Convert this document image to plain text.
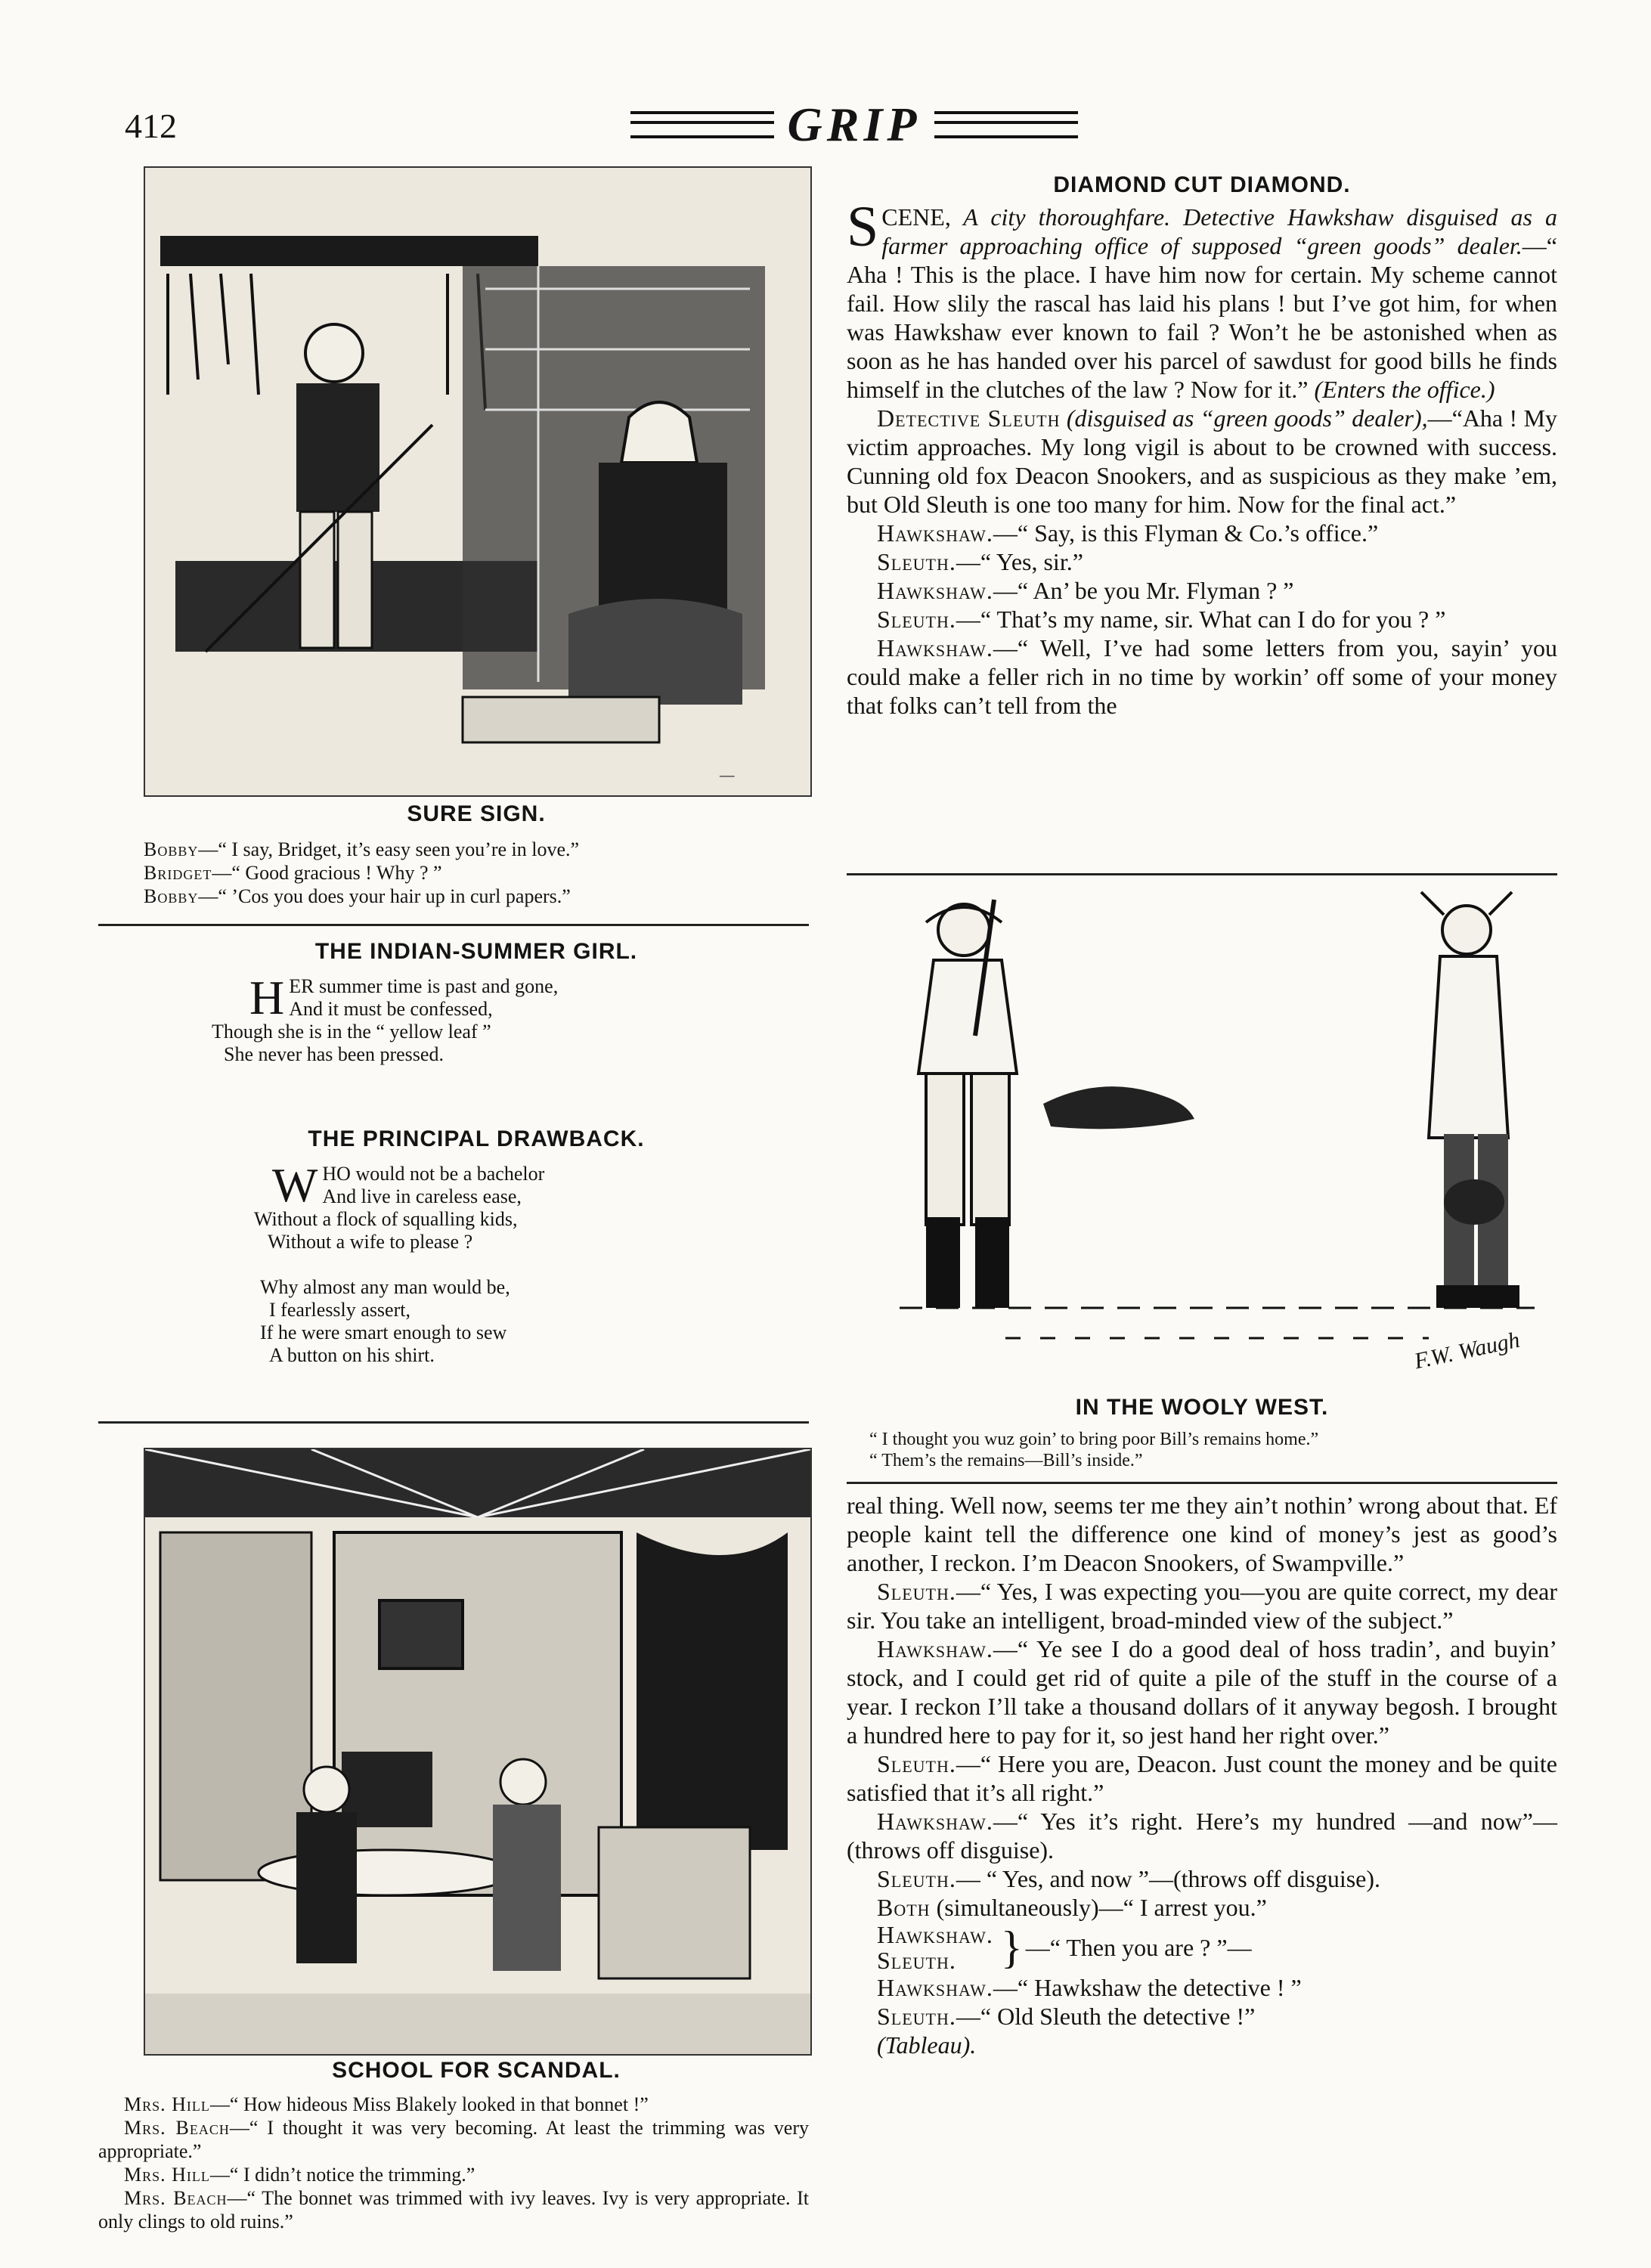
412	GRIP
—
SURE SIGN.
Bobby—“ I say, Bridget, it’s easy seen you’re in love.”
Bridget—“ Good gracious ! Why ? ”
Bobby—“ ’Cos you does your hair up in curl papers.”
THE INDIAN-SUMMER GIRL.
H ER summer time is past and gone,
And it must be confessed,
Though she is in the “ yellow leaf ”
She never has been pressed.
THE PRINCIPAL DRAWBACK.
W HO would not be a bachelor
And live in careless ease,
Without a flock of squalling kids,
Without a wife to please ?
Why almost any man would be,
I fearlessly assert,
If he were smart enough to sew
A button on his shirt.
SCHOOL FOR SCANDAL.
Mrs. Hill—“ How hideous Miss Blakely looked in that bonnet !”
Mrs. Beach—“ I thought it was very becoming. At least the trimming was very appropriate.”
Mrs. Hill—“ I didn’t notice the trimming.”
Mrs. Beach—“ The bonnet was trimmed with ivy leaves. Ivy is very appropriate. It only clings to old ruins.”
DIAMOND CUT DIAMOND.

SCENE, A city thoroughfare. Detective Hawkshaw disguised as a farmer approaching office of supposed “green goods” dealer.—“ Aha ! This is the place. I have him now for certain. My scheme cannot fail. How slily the rascal has laid his plans ! but I’ve got him, for when was Hawkshaw ever known to fail ? Won’t he be astonished when as soon as he has handed over his parcel of sawdust for good bills he finds himself in the clutches of the law ? Now for it.” (Enters the office.)

Detective Sleuth (disguised as “green goods” dealer),—“Aha ! My victim approaches. My long vigil is about to be crowned with success. Cunning old fox Deacon Snookers, and as suspicious as they make ’em, but Old Sleuth is one too many for him. Now for the final act.”

Hawkshaw.—“ Say, is this Flyman & Co.’s office.”

Sleuth.—“ Yes, sir.”

Hawkshaw.—“ An’ be you Mr. Flyman ? ”

Sleuth.—“ That’s my name, sir. What can I do for you ? ”

Hawkshaw.—“ Well, I’ve had some letters from you, sayin’ you could make a feller rich in no time by workin’ off some of your money that folks can’t tell from the

F.W. Waugh
IN THE WOOLY WEST.
“ I thought you wuz goin’ to bring poor Bill’s remains home.”
“ Them’s the remains—Bill’s inside.”

real thing. Well now, seems ter me they ain’t nothin’ wrong about that. Ef people kaint tell the difference one kind of money’s jest as good’s another, I reckon. I’m Deacon Snookers, of Swampville.”

Sleuth.—“ Yes, I was expecting you—you are quite correct, my dear sir. You take an intelligent, broad-minded view of the subject.”

Hawkshaw.—“ Ye see I do a good deal of hoss tradin’, and buyin’ stock, and I could get rid of quite a pile of the stuff in the course of a year. I reckon I’ll take a thousand dollars of it anyway begosh. I brought a hundred here to pay for it, so jest hand her right over.”

Sleuth.—“ Here you are, Deacon. Just count the money and be quite satisfied that it’s all right.”

Hawkshaw.—“ Yes it’s right. Here’s my hundred —and now”—(throws off disguise).

Sleuth.— “ Yes, and now ”—(throws off disguise).

Both (simultaneously)—“ I arrest you.”

Hawkshaw.
Sleuth. } —“ Then you are ? ”—

Hawkshaw.—“ Hawkshaw the detective ! ”

Sleuth.—“ Old Sleuth the detective !”

(Tableau).
